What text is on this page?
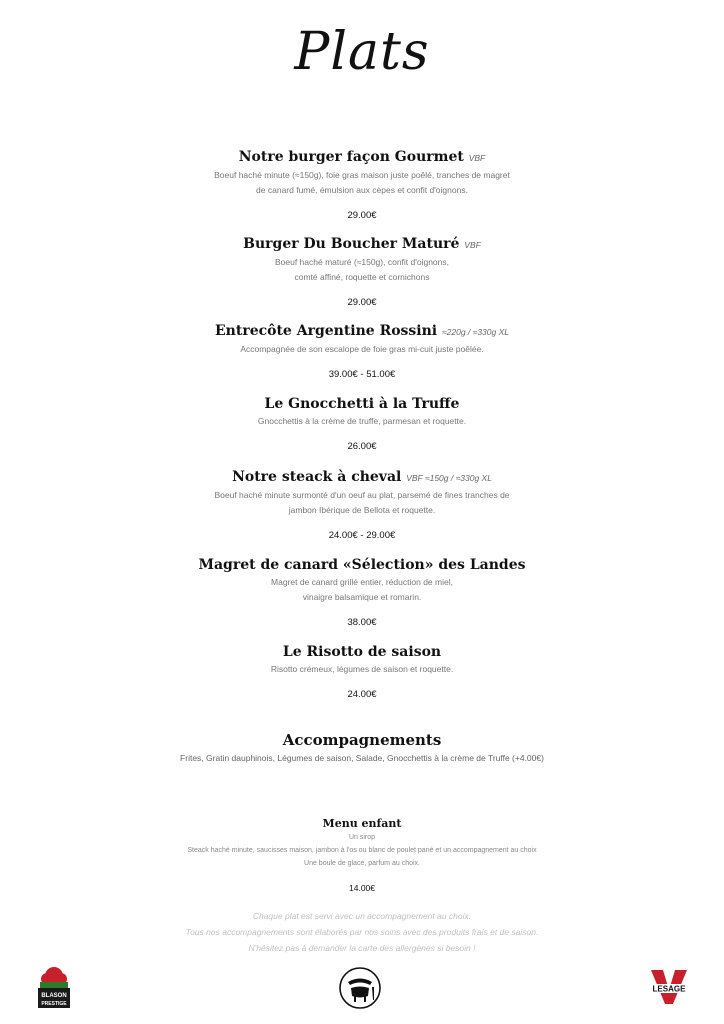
Plats
Notre burger façon Gourmet VBF
Boeuf haché minute (≈150g), foie gras maison juste poêlé, tranches de magret
de canard fumé, émulsion aux cèpes et confit d'oignons.
29.00€
Burger Du Boucher Maturé VBF
Boeuf haché maturé (≈150g), confit d'oignons,
comté affiné, roquette et cornichons
29.00€
Entrecôte Argentine Rossini ≈220g / ≈330g XL
Accompagnée de son escalope de foie gras mi-cuit juste poêlée.
39.00€ - 51.00€
Le Gnocchetti à la Truffe
Gnocchettis à la crème de truffe, parmesan et roquette.
26.00€
Notre steack à cheval VBF ≈150g / ≈330g XL
Boeuf haché minute surmonté d'un oeuf au plat, parsemé de fines tranches de
jambon Ibérique de Bellota et roquette.
24.00€ - 29.00€
Magret de canard «Sélection» des Landes
Magret de canard grillé entier, réduction de miel,
vinaigre balsamique et romarin.
38.00€
Le Risotto de saison
Risotto crémeux, légumes de saison et roquette.
24.00€
Accompagnements
Frites, Gratin dauphinois, Légumes de saison, Salade, Gnocchettis à la crème de Truffe (+4.00€)
Menu enfant
Un sirop
Steack haché minute, saucisses maison, jambon à l'os ou blanc de poulet pané et un accompagnement au choix
Une boule de glace, parfum au choix.
14.00€
Chaque plat est servi avec un accompagnement au choix.
Tous nos accompagnements sont élaborés par nos soins avec des produits frais et de saison.
N'hésitez pas à demander la carte des allergènes si besoin !
BLASON
PRESTIGE
LESAGE
